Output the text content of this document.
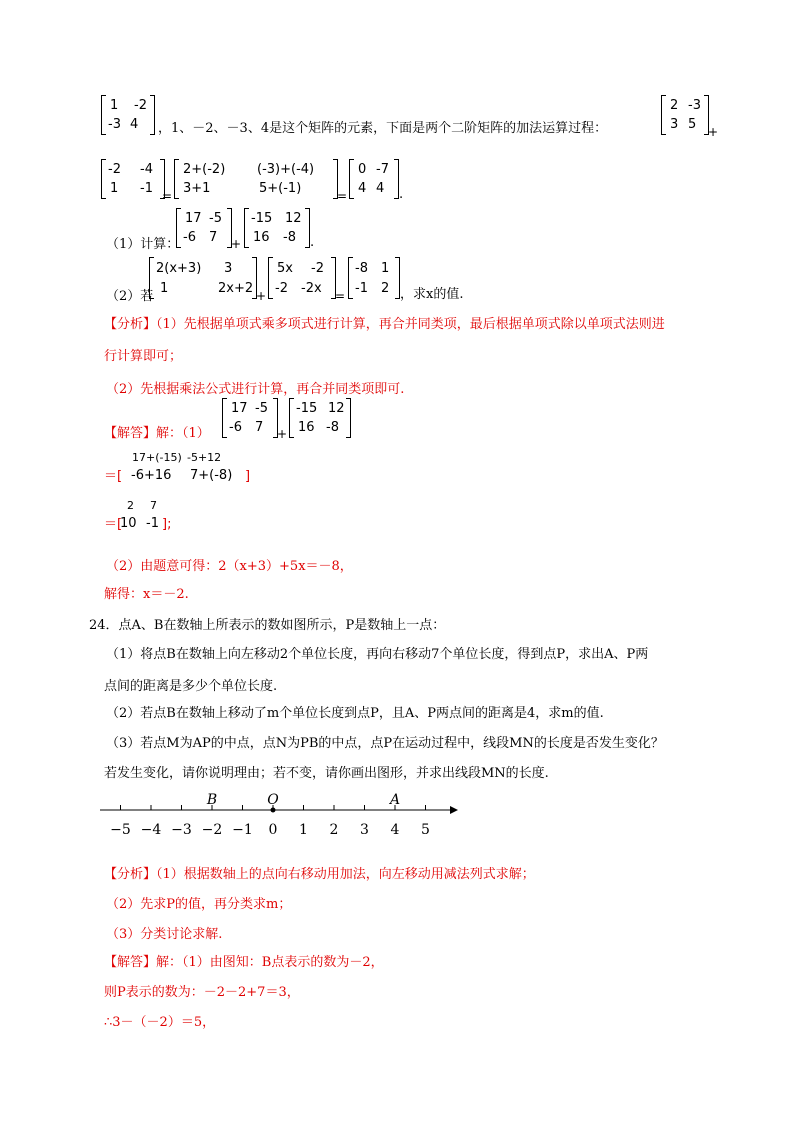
1 -2
-3 4 ，1、－2、－3、4是这个矩阵的元素，下面是两个二阶矩阵的加法运算过程：
2 -3
3 5 +
-2 -4
1 -1 =
2+(-2) (-3)+(-4)
3+1	5+(-1)	=
0 -7
4 4 .
（1）计算：
17 -5
-6 7 +
-15 12
16 -8 .
（2）若
2(x+3) 3
1	2x+2 +
5x -2
-2 -2x =
-8 1
-1 2 ，求x的值.
【分析】（1）先根据单项式乘多项式进行计算，再合并同类项，最后根据单项式除以单项式法则进
行计算即可；
（2）先根据乘法公式进行计算，再合并同类项即可.
【解答】解：（1）
17 -5
-6 7 +
-15 12
16 -8
＝[
17+(-15) -5+12
-6+16 7+(-8) ]
＝[
2 7
10 -1 ];
（2）由题意可得：2（x+3）+5x＝－8，
解得：x＝－2.
24．点A、B在数轴上所表示的数如图所示，P是数轴上一点：
（1）将点B在数轴上向左移动2个单位长度，再向右移动7个单位长度，得到点P，求出A、P两
点间的距离是多少个单位长度.
（2）若点B在数轴上移动了m个单位长度到点P，且A、P两点间的距离是4，求m的值.
（3）若点M为AP的中点，点N为PB的中点，点P在运动过程中，线段MN的长度是否发生变化？
若发生变化，请你说明理由；若不变，请你画出图形，并求出线段MN的长度.
−5 −4 −3 −2 −1 0 1 2 3 4 5
B	O	A
【分析】（1）根据数轴上的点向右移动用加法，向左移动用减法列式求解；
（2）先求P的值，再分类求m；
（3）分类讨论求解.
【解答】解：（1）由图知：B点表示的数为－2，
则P表示的数为：－2－2+7＝3，
∴3－（－2）＝5，
